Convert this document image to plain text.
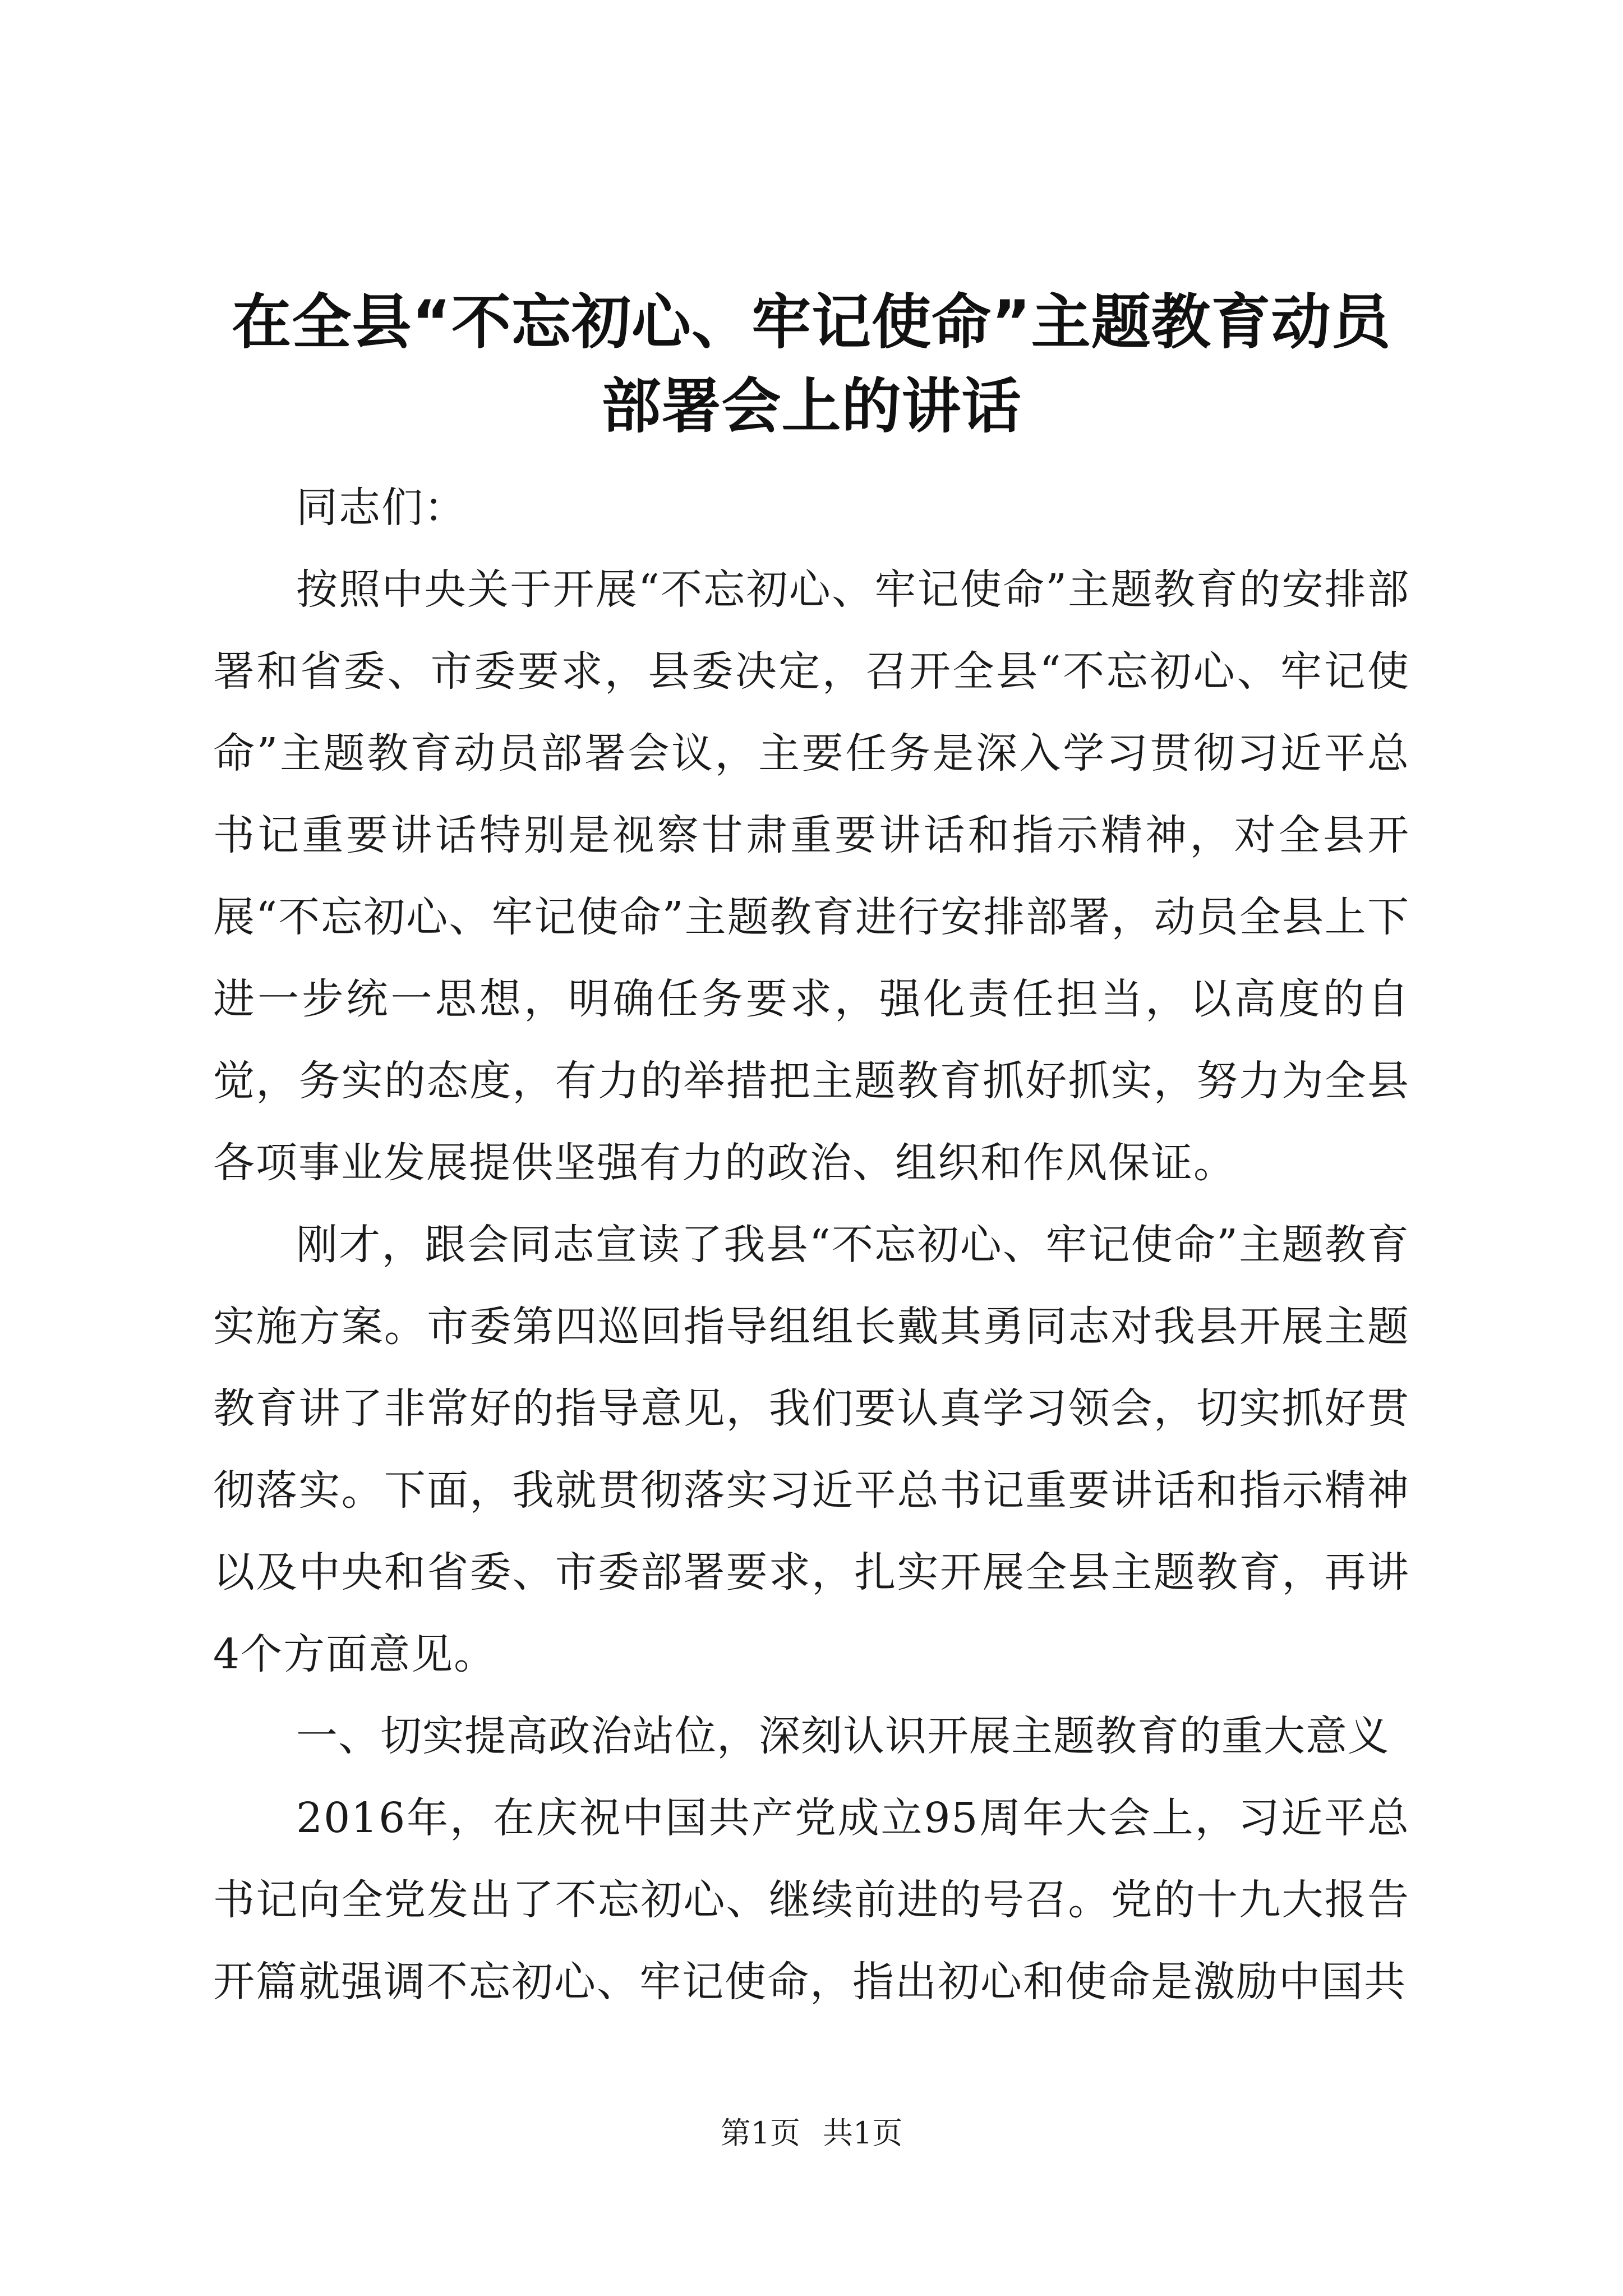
在全县“不忘初心、牢记使命”主题教育动员
部署会上的讲话

同志们：

按照中央关于开展“不忘初心、牢记使命”主题教育的安排部署和省委、市委要求，县委决定，召开全县“不忘初心、牢记使命”主题教育动员部署会议，主要任务是深入学习贯彻习近平总书记重要讲话特别是视察甘肃重要讲话和指示精神，对全县开展“不忘初心、牢记使命”主题教育进行安排部署，动员全县上下进一步统一思想，明确任务要求，强化责任担当，以高度的自觉，务实的态度，有力的举措把主题教育抓好抓实，努力为全县各项事业发展提供坚强有力的政治、组织和作风保证。

刚才，跟会同志宣读了我县“不忘初心、牢记使命”主题教育实施方案。市委第四巡回指导组组长戴其勇同志对我县开展主题教育讲了非常好的指导意见，我们要认真学习领会，切实抓好贯彻落实。下面，我就贯彻落实习近平总书记重要讲话和指示精神以及中央和省委、市委部署要求，扎实开展全县主题教育，再讲4个方面意见。

一、切实提高政治站位，深刻认识开展主题教育的重大意义

2016年，在庆祝中国共产党成立95周年大会上，习近平总书记向全党发出了不忘初心、继续前进的号召。党的十九大报告开篇就强调不忘初心、牢记使命，指出初心和使命是激励中国共

第1页 共1页
